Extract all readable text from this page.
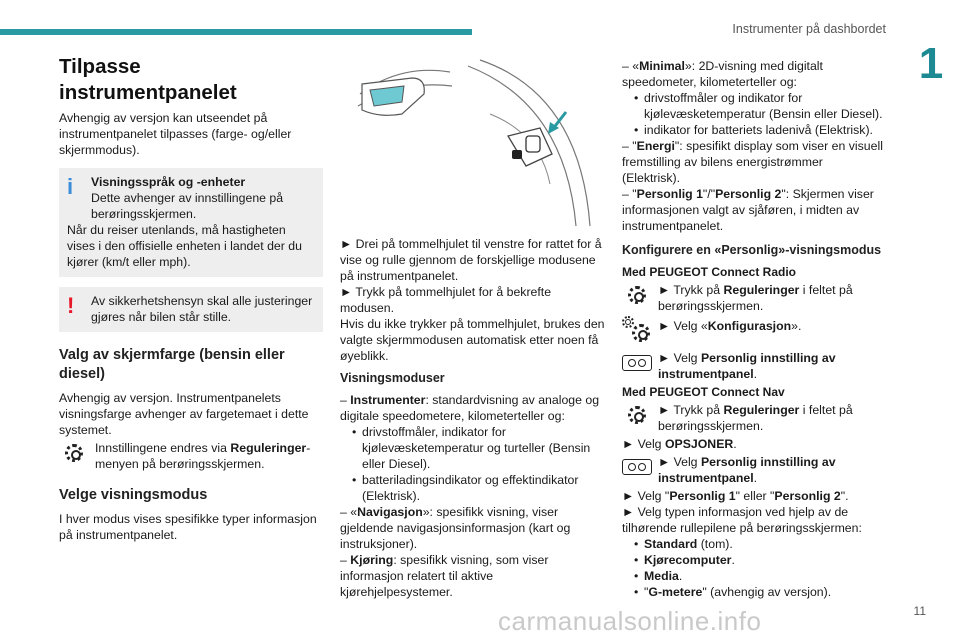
Instrumenter på dashbordet
1
Tilpasse instrumentpanelet

Avhengig av versjon kan utseendet på instrumentpanelet tilpasses (farge- og/eller skjermmodus).

i Visningsspråk og -enheter
Dette avhenger av innstillingene på berøringsskjermen.
Når du reiser utenlands, må hastigheten vises i den offisielle enheten i landet der du kjører (km/t eller mph).
!	Av sikkerhetshensyn skal alle justeringer gjøres når bilen står stille.
Valg av skjermfarge (bensin eller diesel)

Avhengig av versjon. Instrumentpanelets visningsfarge avhenger av fargetemaet i dette systemet.

Innstillingene endres via Reguleringer-menyen på berøringsskjermen.
Velge visningsmodus

I hver modus vises spesifikke typer informasjon på instrumentpanelet.

► Drei på tommelhjulet til venstre for rattet for å vise og rulle gjennom de forskjellige modusene på instrumentpanelet.

► Trykk på tommelhjulet for å bekrefte modusen.

Hvis du ikke trykker på tommelhjulet, brukes den valgte skjermmodusen automatisk etter noen få øyeblikk.

Visningsmoduser

– Instrumenter: standardvisning av analoge og digitale speedometere, kilometerteller og:

• drivstoffmåler, indikator for kjølevæsketemperatur og turteller (Bensin eller Diesel).
• batteriladingsindikator og effektindikator (Elektrisk).

– «Navigasjon»: spesifikk visning, viser gjeldende navigasjonsinformasjon (kart og instruksjoner).

– Kjøring: spesifikk visning, som viser informasjon relatert til aktive kjørehjelpesystemer.

– «Minimal»: 2D-visning med digitalt speedometer, kilometerteller og:

• drivstoffmåler og indikator for kjølevæsketemperatur (Bensin eller Diesel).
• indikator for batteriets ladenivå (Elektrisk).

– "Energi": spesifikt display som viser en visuell fremstilling av bilens energistrømmer (Elektrisk).

– "Personlig 1"/"Personlig 2": Skjermen viser informasjonen valgt av sjåføren, i midten av instrumentpanelet.

Konfigurere en «Personlig»-visningsmodus
Med PEUGEOT Connect Radio
► Trykk på Reguleringer i feltet på berøringsskjermen.
► Velg «Konfigurasjon».
► Velg Personlig innstilling av instrumentpanel.
Med PEUGEOT Connect Nav
► Trykk på Reguleringer i feltet på berøringsskjermen.

► Velg OPSJONER.

► Velg Personlig innstilling av instrumentpanel.

► Velg "Personlig 1" eller "Personlig 2".

► Velg typen informasjon ved hjelp av de tilhørende rullepilene på berøringsskjermen:

• Standard (tom).
• Kjørecomputer.
• Media.
• "G-metere" (avhengig av versjon).
11
carmanualsonline.info
